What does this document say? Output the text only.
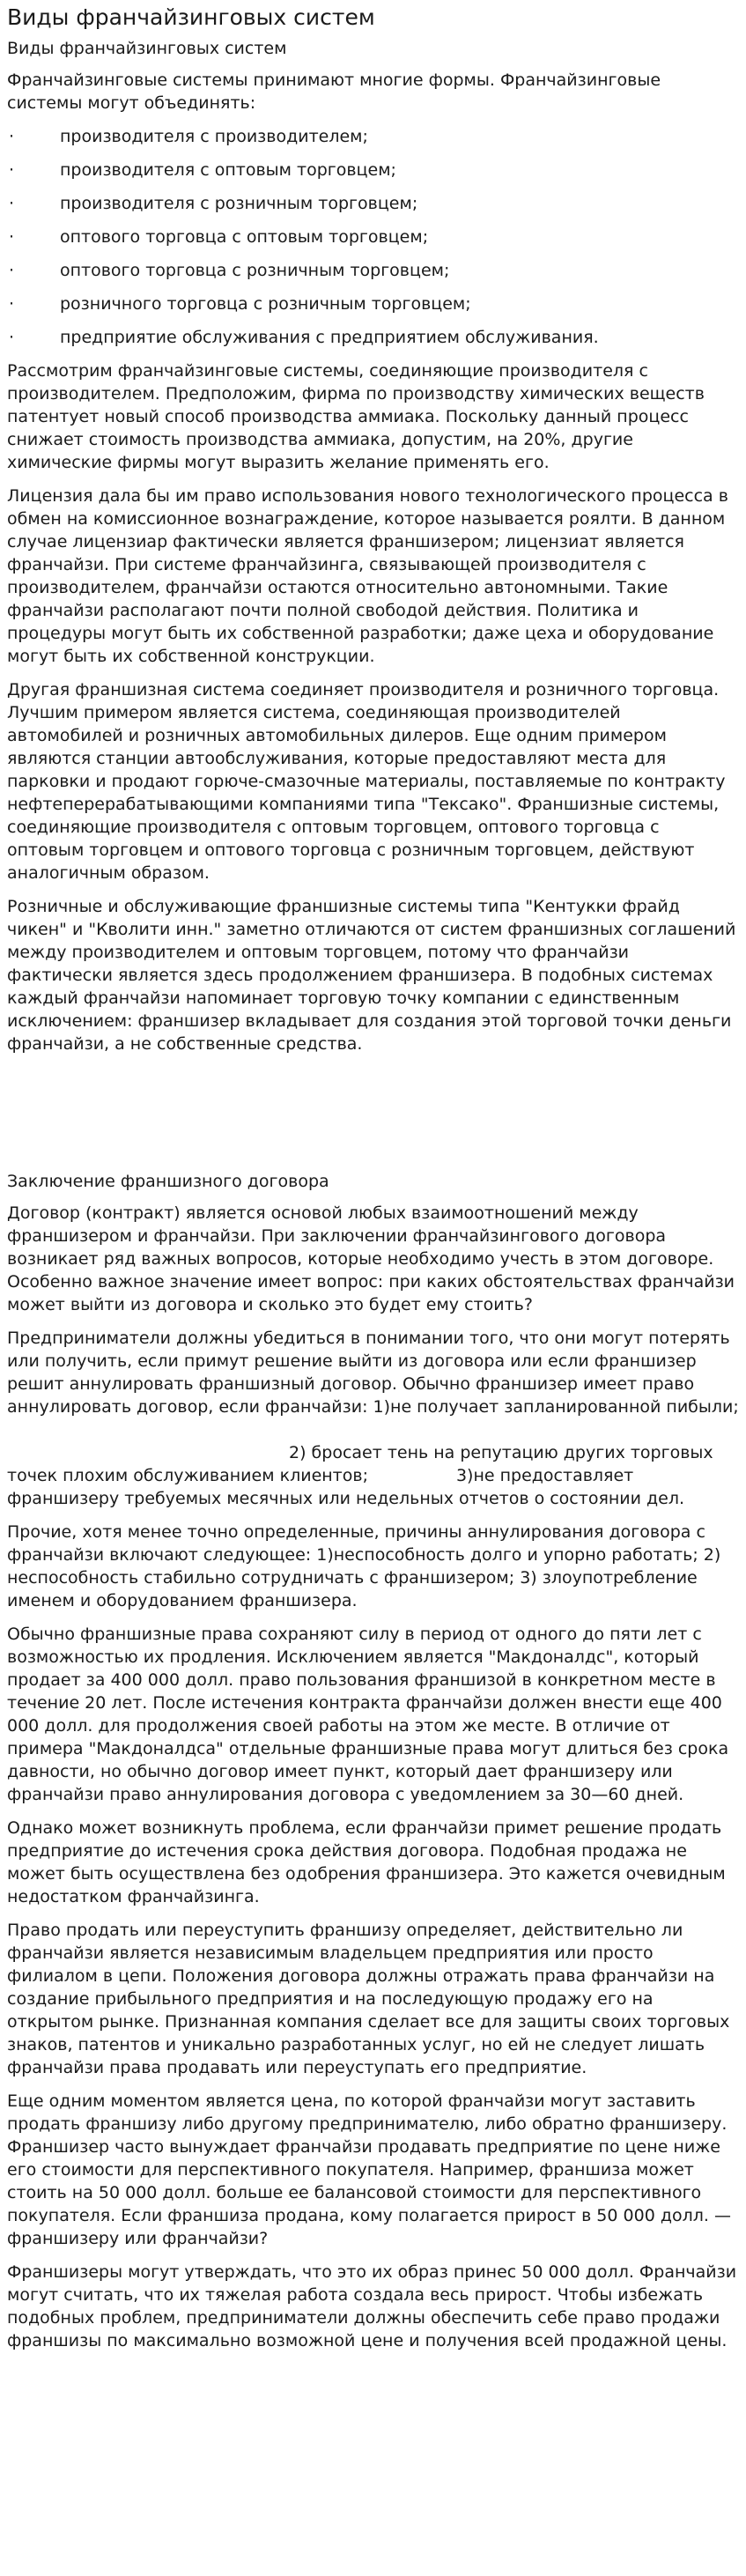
Виды франчайзинговых систем
Виды франчайзинговых систем

Франчайзинговые системы принимают многие формы. Франчайзинговые системы могут объединять:

·	производителя с производителем;
·	производителя с оптовым торговцем;
·	производителя с розничным торговцем;
·	оптового торговца с оптовым торговцем;
·	оптового торговца с розничным торговцем;
·	розничного торговца с розничным торговцем;
·	предприятие обслуживания с предприятием обслуживания.

Рассмотрим франчайзинговые системы, соединяющие производителя с производителем. Предположим, фирма по производству химических веществ патентует новый способ производства аммиака. Поскольку данный процесс снижает стоимость производства аммиака, допустим, на 20%, другие химические фирмы могут выразить желание применять его.

Лицензия дала бы им право использования нового технологического процесса в обмен на комиссионное вознаграждение, которое называется роялти. В данном случае лицензиар фактически является франшизером; лицензиат является франчайзи. При системе франчайзинга, связывающей производителя с производителем, франчайзи остаются относительно автономными. Такие франчайзи располагают почти полной свободой действия. Политика и процедуры могут быть их собственной разработки; даже цеха и оборудование могут быть их собственной конструкции.

Другая франшизная система соединяет производителя и розничного торговца. Лучшим примером является система, соединяющая производителей автомобилей и розничных автомобильных дилеров. Еще одним примером являются станции автообслуживания, которые предоставляют места для парковки и продают горюче-смазочные материалы, поставляемые по контракту нефтеперерабатывающими компаниями типа "Тексако". Франшизные системы, соединяющие производителя с оптовым торговцем, оптового торговца с оптовым торговцем и оптового торговца с розничным торговцем, действуют аналогичным образом.

Розничные и обслуживающие франшизные системы типа "Кентукки фрайд чикен" и "Кволити инн." заметно отличаются от систем франшизных соглашений между производителем и оптовым торговцем, потому что франчайзи фактически является здесь продолжением франшизера. В подобных системах каждый франчайзи напоминает торговую точку компании с единственным исключением: франшизер вкладывает для создания этой торговой точки деньги франчайзи, а не собственные средства.

Заключение франшизного договора

Договор (контракт) является основой любых взаимоотношений между франшизером и франчайзи. При заключении франчайзингового договора возникает ряд важных вопросов, которые необходимо учесть в этом договоре. Особенно важное значение имеет вопрос: при каких обстоятельствах франчайзи может выйти из договора и сколько это будет ему стоить?

Предприниматели должны убедиться в понимании того, что они могут потерять или получить, если примут решение выйти из договора или если франшизер решит аннулировать франшизный договор. Обычно франшизер имеет право аннулировать договор, если франчайзи: 1)не получает запланированной пибыли;

2) бросает тень на репутацию других торговых точек плохим обслуживанием клиентов;	3)не предоставляет франшизеру требуемых месячных или недельных отчетов о состоянии дел.

Прочие, хотя менее точно определенные, причины аннулирования договора с франчайзи включают следующее: 1)неспособность долго и упорно работать; 2) неспособность стабильно сотрудничать с франшизером; 3) злоупотребление именем и оборудованием франшизера.

Обычно франшизные права сохраняют силу в период от одного до пяти лет с возможностью их продления. Исключением является "Макдоналдс", который продает за 400 000 долл. право пользования франшизой в конкретном месте в течение 20 лет. После истечения контракта франчайзи должен внести еще 400 000 долл. для продолжения своей работы на этом же месте. В отличие от примера "Макдоналдса" отдельные франшизные права могут длиться без срока давности, но обычно договор имеет пункт, который дает франшизеру или франчайзи право аннулирования договора с уведомлением за 30—60 дней.

Однако может возникнуть проблема, если франчайзи примет решение продать предприятие до истечения срока действия договора. Подобная продажа не может быть осуществлена без одобрения франшизера. Это кажется очевидным недостатком франчайзинга.

Право продать или переуступить франшизу определяет, действительно ли франчайзи является независимым владельцем предприятия или просто филиалом в цепи. Положения договора должны отражать права франчайзи на создание прибыльного предприятия и на последующую продажу его на открытом рынке. Признанная компания сделает все для защиты своих торговых знаков, патентов и уникально разработанных услуг, но ей не следует лишать франчайзи права продавать или переуступать его предприятие.

Еще одним моментом является цена, по которой франчайзи могут заставить продать франшизу либо другому предпринимателю, либо обратно франшизеру. Франшизер часто вынуждает франчайзи продавать предприятие по цене ниже его стоимости для перспективного покупателя. Например, франшиза может стоить на 50 000 долл. больше ее балансовой стоимости для перспективного покупателя. Если франшиза продана, кому полагается прирост в 50 000 долл. — франшизеру или франчайзи?

Франшизеры могут утверждать, что это их образ принес 50 000 долл. Франчайзи могут считать, что их тяжелая работа создала весь прирост. Чтобы избежать подобных проблем, предприниматели должны обеспечить себе право продажи франшизы по максимально возможной цене и получения всей продажной цены.
